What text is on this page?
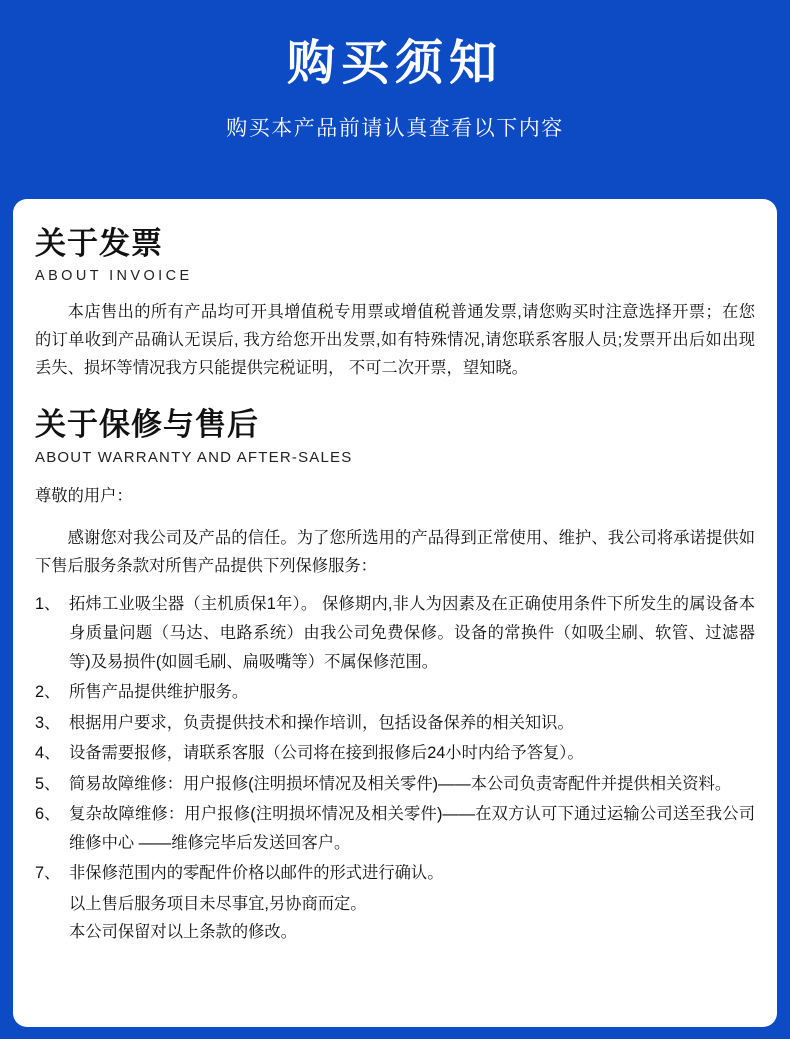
购买须知
购买本产品前请认真查看以下内容
关于发票
ABOUT INVOICE

本店售出的所有产品均可开具增值税专用票或增值税普通发票,请您购买时注意选择开票；在您的订单收到产品确认无误后, 我方给您开出发票,如有特殊情况,请您联系客服人员;发票开出后如出现丢失、损坏等情况我方只能提供完税证明， 不可二次开票，望知晓。

关于保修与售后
ABOUT WARRANTY AND AFTER-SALES

尊敬的用户：

感谢您对我公司及产品的信任。为了您所选用的产品得到正常使用、维护、我公司将承诺提供如下售后服务条款对所售产品提供下列保修服务：

1、 拓炜工业吸尘器（主机质保1年）。 保修期内,非人为因素及在正确使用条件下所发生的属设备本身质量问题（马达、电路系统）由我公司免费保修。设备的常换件（如吸尘刷、软管、过滤器等)及易损件(如圆毛刷、扁吸嘴等）不属保修范围。
2、 所售产品提供维护服务。
3、 根据用户要求，负责提供技术和操作培训，包括设备保养的相关知识。
4、 设备需要报修，请联系客服（公司将在接到报修后24小时内给予答复）。
5、 简易故障维修：用户报修(注明损坏情况及相关零件)——本公司负责寄配件并提供相关资料。
6、 复杂故障维修：用户报修(注明损坏情况及相关零件)——在双方认可下通过运输公司送至我公司维修中心 ——维修完毕后发送回客户。
7、 非保修范围内的零配件价格以邮件的形式进行确认。
以上售后服务项目未尽事宜,另协商而定。
本公司保留对以上条款的修改。
